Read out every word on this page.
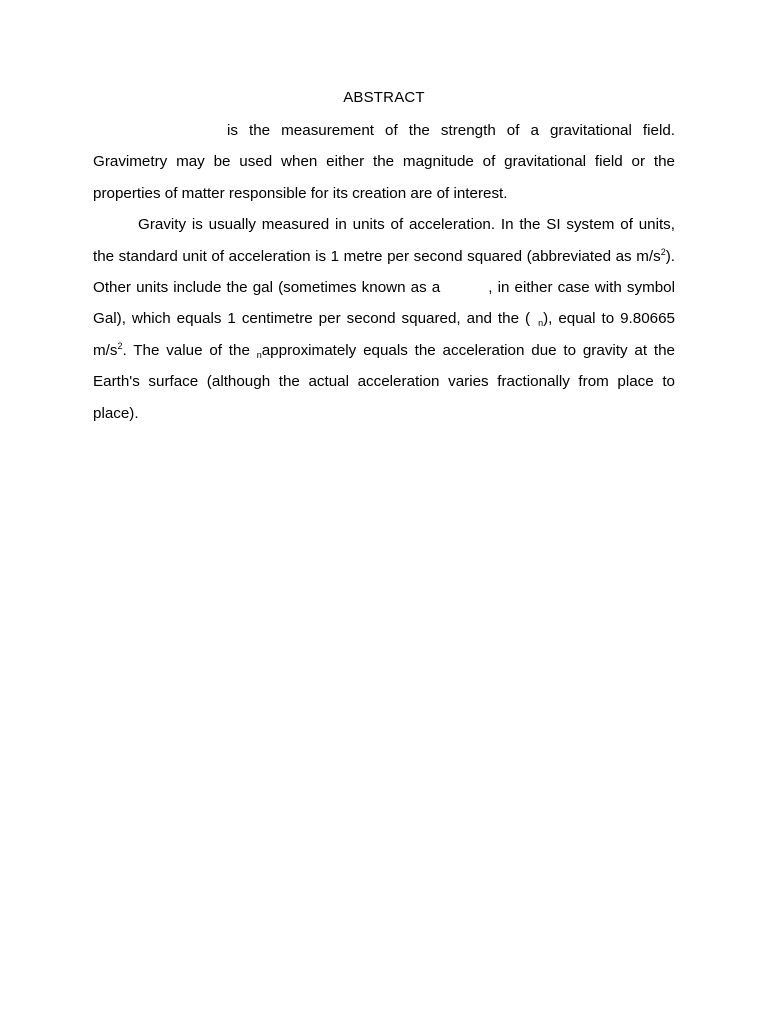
ABSTRACT

is the measurement of the strength of a gravitational field. Gravimetry may be used when either the magnitude of gravitational field or the properties of matter responsible for its creation are of interest.

Gravity is usually measured in units of acceleration. In the SI system of units, the standard unit of acceleration is 1 metre per second squared (abbreviated as $m/s^2$). Other units include the gal (sometimes known as a	, in either case with symbol Gal), which equals 1 centimetre per second squared, and the ( $_n$), equal to 9.80665 $m/s^2$. The value of the $_n$approximately equals the acceleration due to gravity at the Earth's surface (although the actual acceleration varies fractionally from place to place).
